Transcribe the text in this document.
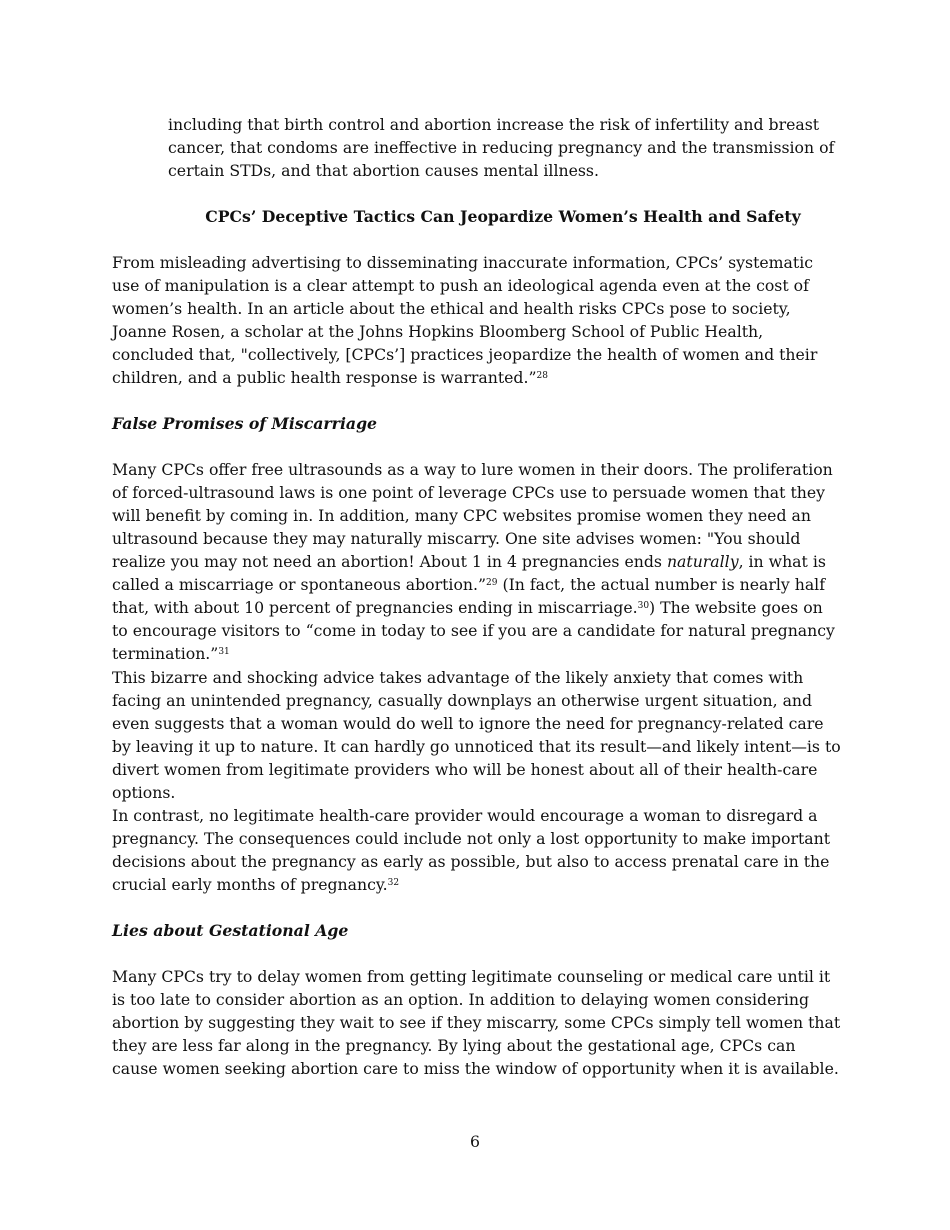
including that birth control and abortion increase the risk of infertility and breast cancer, that condoms are ineffective in reducing pregnancy and the transmission of certain STDs, and that abortion causes mental illness.

CPCs’ Deceptive Tactics Can Jeopardize Women’s Health and Safety

From misleading advertising to disseminating inaccurate information, CPCs’ systematic use of manipulation is a clear attempt to push an ideological agenda even at the cost of women’s health. In an article about the ethical and health risks CPCs pose to society, Joanne Rosen, a scholar at the Johns Hopkins Bloomberg School of Public Health, concluded that, "collectively, [CPCs’] practices jeopardize the health of women and their children, and a public health response is warranted.”$^{28}$

False Promises of Miscarriage

Many CPCs offer free ultrasounds as a way to lure women in their doors. The proliferation of forced-ultrasound laws is one point of leverage CPCs use to persuade women that they will benefit by coming in. In addition, many CPC websites promise women they need an ultrasound because they may naturally miscarry. One site advises women: "You should realize you may not need an abortion! About 1 in 4 pregnancies ends naturally, in what is called a miscarriage or spontaneous abortion.”$^{29}$ (In fact, the actual number is nearly half that, with about 10 percent of pregnancies ending in miscarriage.$^{30}$) The website goes on to encourage visitors to “come in today to see if you are a candidate for natural pregnancy termination.”$^{31}$

This bizarre and shocking advice takes advantage of the likely anxiety that comes with facing an unintended pregnancy, casually downplays an otherwise urgent situation, and even suggests that a woman would do well to ignore the need for pregnancy-related care by leaving it up to nature. It can hardly go unnoticed that its result—and likely intent—is to divert women from legitimate providers who will be honest about all of their health-care options.

In contrast, no legitimate health-care provider would encourage a woman to disregard a pregnancy. The consequences could include not only a lost opportunity to make important decisions about the pregnancy as early as possible, but also to access prenatal care in the crucial early months of pregnancy.$^{32}$

Lies about Gestational Age

Many CPCs try to delay women from getting legitimate counseling or medical care until it is too late to consider abortion as an option. In addition to delaying women considering abortion by suggesting they wait to see if they miscarry, some CPCs simply tell women that they are less far along in the pregnancy. By lying about the gestational age, CPCs can cause women seeking abortion care to miss the window of opportunity when it is available.

6
